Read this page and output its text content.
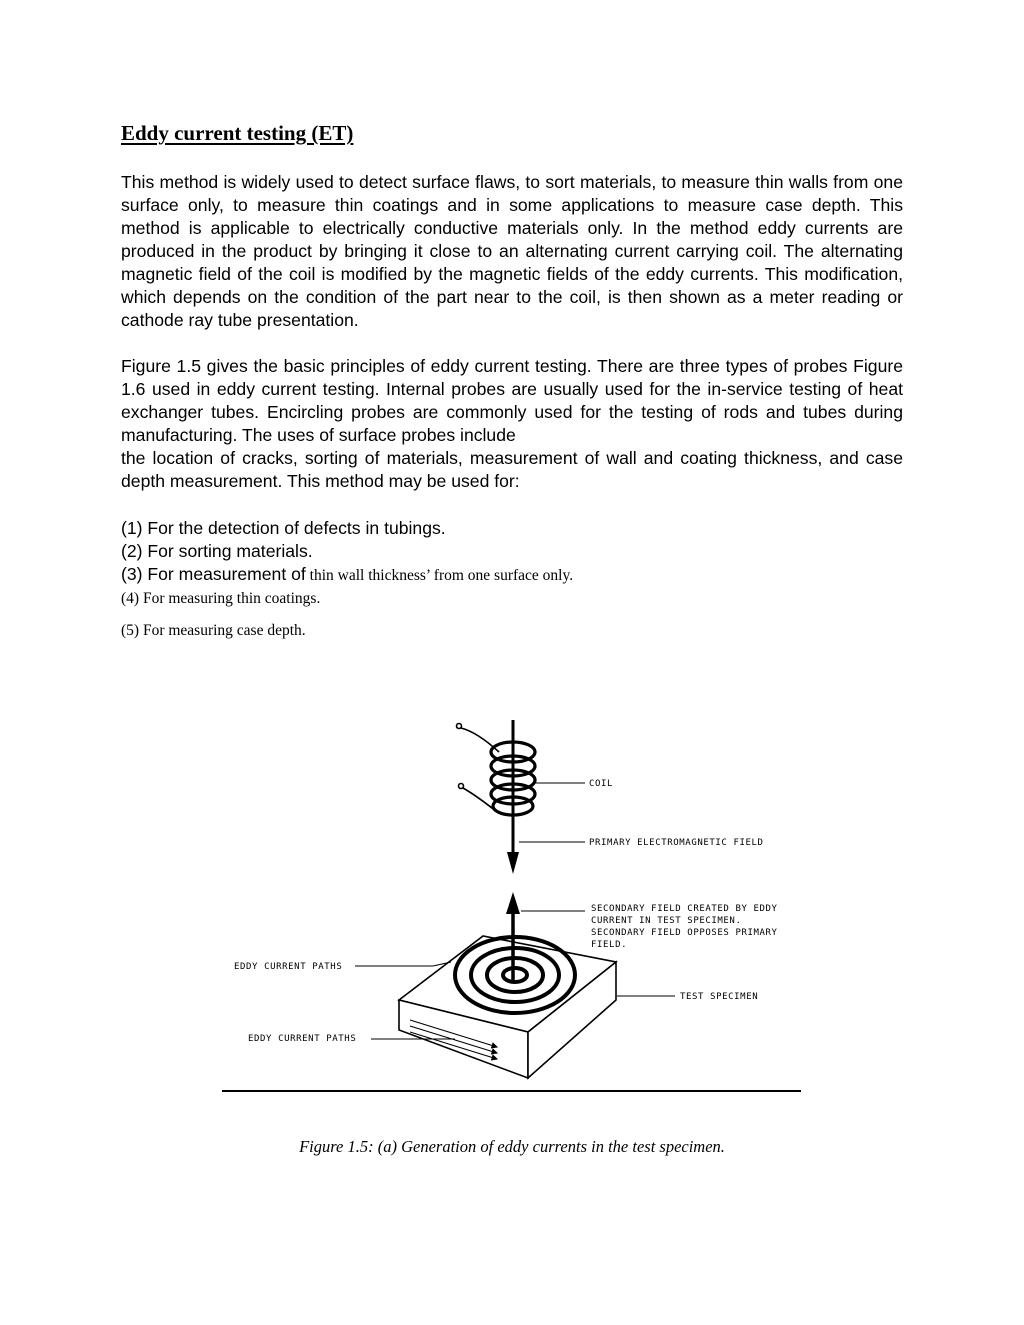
Eddy current testing (ET)

This method is widely used to detect surface flaws, to sort materials, to measure thin walls from one surface only, to measure thin coatings and in some applications to measure case depth. This method is applicable to electrically conductive materials only. In the method eddy currents are produced in the product by bringing it close to an alternating current carrying coil. The alternating magnetic field of the coil is modified by the magnetic fields of the eddy currents. This modification, which depends on the condition of the part near to the coil, is then shown as a meter reading or cathode ray tube presentation.

Figure 1.5 gives the basic principles of eddy current testing. There are three types of probes Figure 1.6 used in eddy current testing. Internal probes are usually used for the in-service testing of heat exchanger tubes. Encircling probes are commonly used for the testing of rods and tubes during manufacturing. The uses of surface probes include

the location of cracks, sorting of materials, measurement of wall and coating thickness, and case depth measurement. This method may be used for:

(1) For the detection of defects in tubings.
(2) For sorting materials.
(3) For measurement of thin wall thickness’ from one surface only.
(4) For measuring thin coatings.
(5) For measuring case depth.
COIL
PRIMARY ELECTROMAGNETIC FIELD
SECONDARY FIELD CREATED BY EDDY
CURRENT IN TEST SPECIMEN.
SECONDARY FIELD OPPOSES PRIMARY
FIELD.
EDDY CURRENT PATHS
TEST SPECIMEN
EDDY CURRENT PATHS
Figure 1.5: (a) Generation of eddy currents in the test specimen.
